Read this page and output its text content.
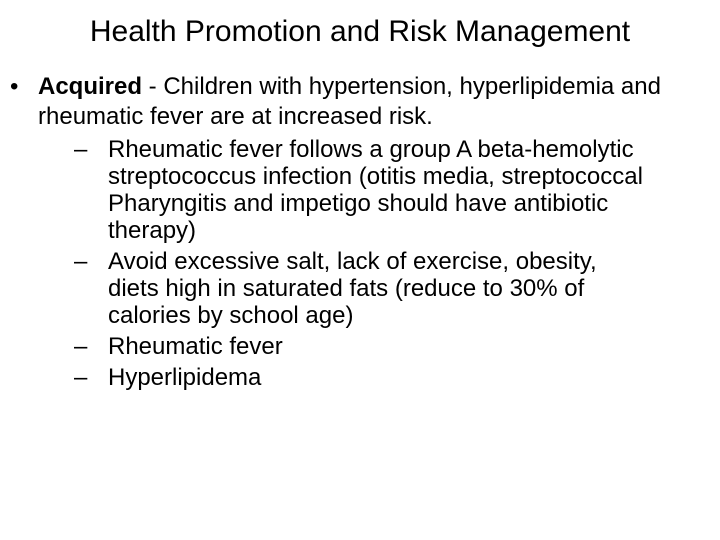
Health Promotion and Risk Management
• Acquired - Children with hypertension, hyperlipidemia and rheumatic fever are at increased risk.
– Rheumatic fever follows a group A beta-hemolytic streptococcus infection (otitis media, streptococcal Pharyngitis and impetigo should have antibiotic therapy)
– Avoid excessive salt, lack of exercise, obesity, diets high in saturated fats (reduce to 30% of calories by school age)
– Rheumatic fever
– Hyperlipidema
